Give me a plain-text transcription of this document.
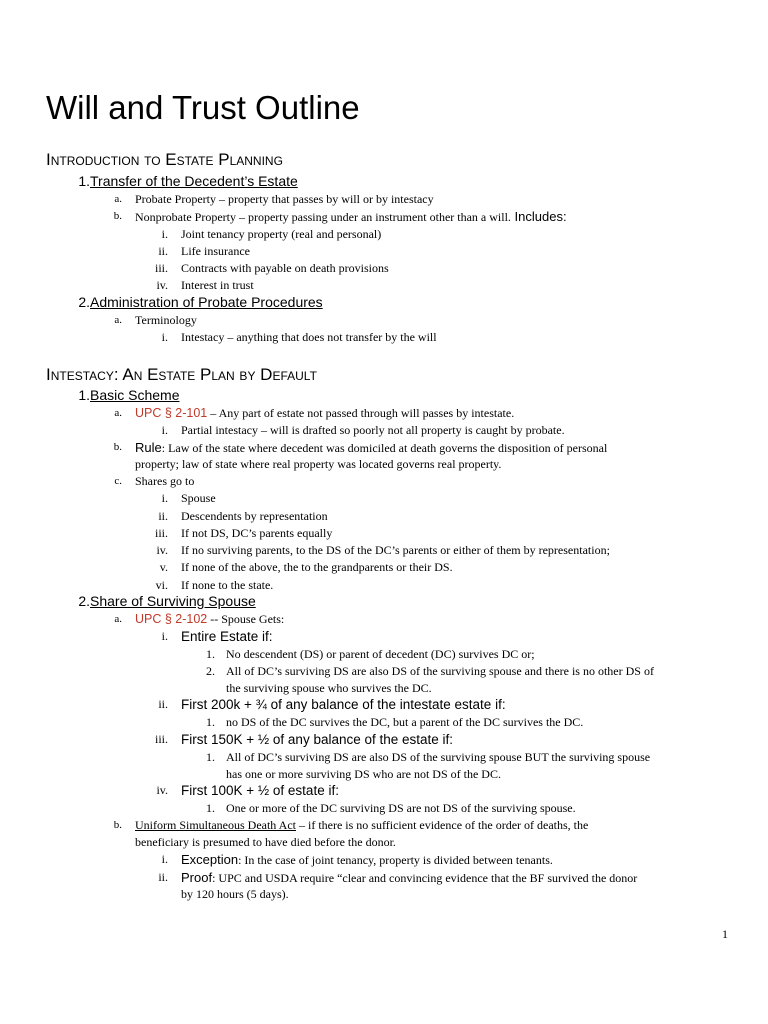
Will and Trust Outline
Introduction to Estate Planning
1. Transfer of the Decedent’s Estate
a. Probate Property – property that passes by will or by intestacy
b. Nonprobate Property – property passing under an instrument other than a will. Includes:
i. Joint tenancy property (real and personal)
ii. Life insurance
iii. Contracts with payable on death provisions
iv. Interest in trust
2. Administration of Probate Procedures
a. Terminology
i. Intestacy – anything that does not transfer by the will
Intestacy: An Estate Plan by Default
1. Basic Scheme
a. UPC § 2-101 – Any part of estate not passed through will passes by intestate.
i. Partial intestacy – will is drafted so poorly not all property is caught by probate.
b. Rule: Law of the state where decedent was domiciled at death governs the disposition of personal
property; law of state where real property was located governs real property.
c. Shares go to
i. Spouse
ii. Descendents by representation
iii. If not DS, DC’s parents equally
iv. If no surviving parents, to the DS of the DC’s parents or either of them by representation;
v. If none of the above, the to the grandparents or their DS.
vi. If none to the state.
2. Share of Surviving Spouse
a. UPC § 2-102 -- Spouse Gets:
i. Entire Estate if:
1. No descendent (DS) or parent of decedent (DC) survives DC or;
2. All of DC’s surviving DS are also DS of the surviving spouse and there is no other DS of
the surviving spouse who survives the DC.
ii. First 200k + ¾ of any balance of the intestate estate if:
1. no DS of the DC survives the DC, but a parent of the DC survives the DC.
iii. First 150K + ½ of any balance of the estate if:
1. All of DC’s surviving DS are also DS of the surviving spouse BUT the surviving spouse
has one or more surviving DS who are not DS of the DC.
iv. First 100K + ½ of estate if:
1. One or more of the DC surviving DS are not DS of the surviving spouse.
b. Uniform Simultaneous Death Act – if there is no sufficient evidence of the order of deaths, the
beneficiary is presumed to have died before the donor.
i. Exception: In the case of joint tenancy, property is divided between tenants.
ii. Proof: UPC and USDA require “clear and convincing evidence that the BF survived the donor
by 120 hours (5 days).
1
